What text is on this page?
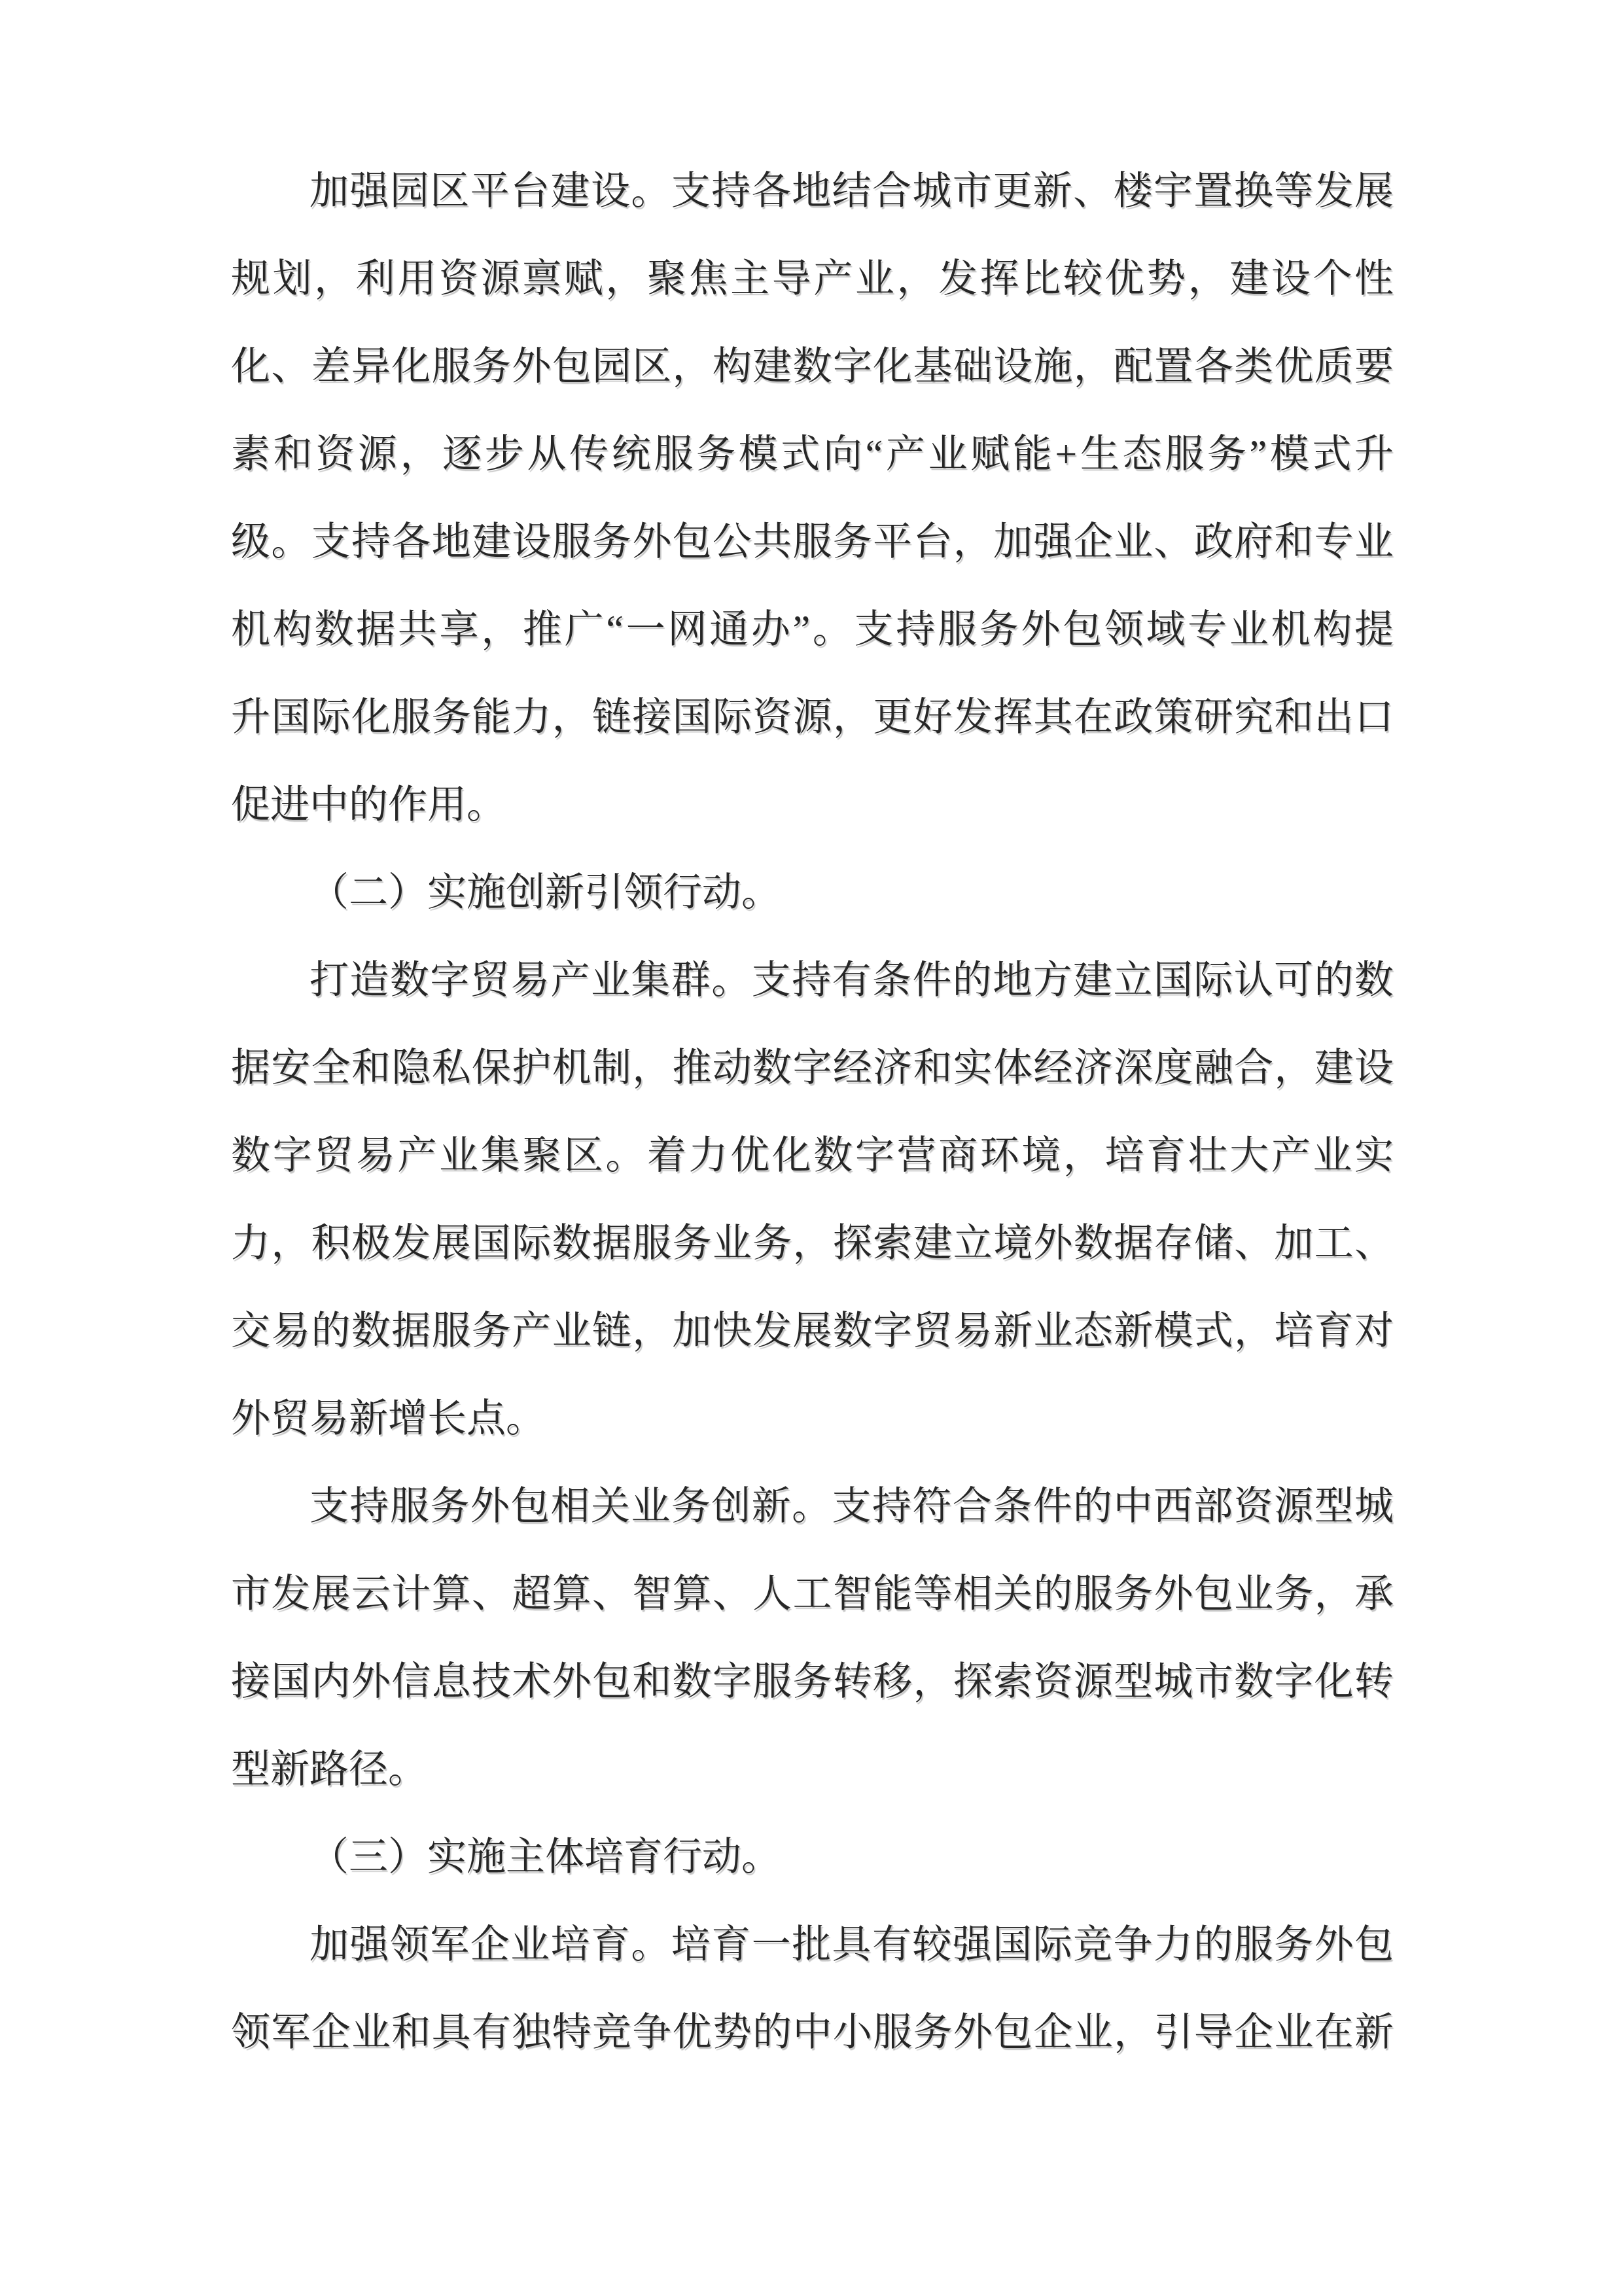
加强园区平台建设。支持各地结合城市更新、楼宇置换等发展
规划，利用资源禀赋，聚焦主导产业，发挥比较优势，建设个性
化、差异化服务外包园区，构建数字化基础设施，配置各类优质要
素和资源，逐步从传统服务模式向“产业赋能+生态服务”模式升
级。支持各地建设服务外包公共服务平台，加强企业、政府和专业
机构数据共享，推广“一网通办”。支持服务外包领域专业机构提
升国际化服务能力，链接国际资源，更好发挥其在政策研究和出口
促进中的作用。
（二）实施创新引领行动。
打造数字贸易产业集群。支持有条件的地方建立国际认可的数
据安全和隐私保护机制，推动数字经济和实体经济深度融合，建设
数字贸易产业集聚区。着力优化数字营商环境，培育壮大产业实
力，积极发展国际数据服务业务，探索建立境外数据存储、加工、
交易的数据服务产业链，加快发展数字贸易新业态新模式，培育对
外贸易新增长点。
支持服务外包相关业务创新。支持符合条件的中西部资源型城
市发展云计算、超算、智算、人工智能等相关的服务外包业务，承
接国内外信息技术外包和数字服务转移，探索资源型城市数字化转
型新路径。
（三）实施主体培育行动。
加强领军企业培育。培育一批具有较强国际竞争力的服务外包
领军企业和具有独特竞争优势的中小服务外包企业，引导企业在新
